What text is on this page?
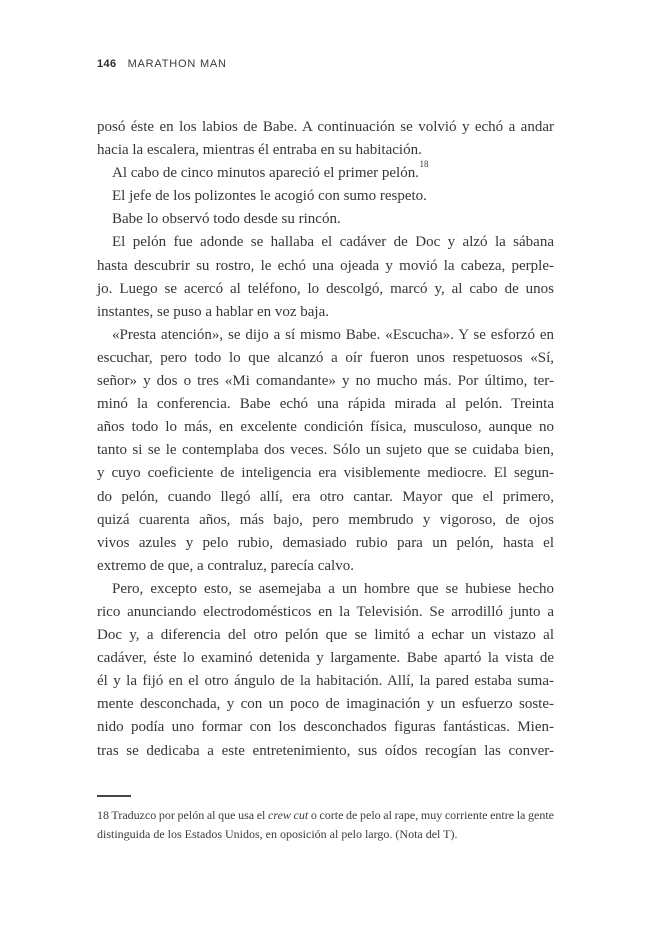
146 MARATHON MAN
posó éste en los labios de Babe. A continuación se volvió y echó a andar
hacia la escalera, mientras él entraba en su habitación.
Al cabo de cinco minutos apareció el primer pelón.$^{18}$
El jefe de los polizontes le acogió con sumo respeto.
Babe lo observó todo desde su rincón.
El pelón fue adonde se hallaba el cadáver de Doc y alzó la sábana
hasta descubrir su rostro, le echó una ojeada y movió la cabeza, perple-
jo. Luego se acercó al teléfono, lo descolgó, marcó y, al cabo de unos
instantes, se puso a hablar en voz baja.
«Presta atención», se dijo a sí mismo Babe. «Escucha». Y se esforzó en
escuchar, pero todo lo que alcanzó a oír fueron unos respetuosos «Sí,
señor» y dos o tres «Mi comandante» y no mucho más. Por último, ter-
minó la conferencia. Babe echó una rápida mirada al pelón. Treinta
años todo lo más, en excelente condición física, musculoso, aunque no
tanto si se le contemplaba dos veces. Sólo un sujeto que se cuidaba bien,
y cuyo coeficiente de inteligencia era visiblemente mediocre. El segun-
do pelón, cuando llegó allí, era otro cantar. Mayor que el primero,
quizá cuarenta años, más bajo, pero membrudo y vigoroso, de ojos
vivos azules y pelo rubio, demasiado rubio para un pelón, hasta el
extremo de que, a contraluz, parecía calvo.
Pero, excepto esto, se asemejaba a un hombre que se hubiese hecho
rico anunciando electrodomésticos en la Televisión. Se arrodilló junto a
Doc y, a diferencia del otro pelón que se limitó a echar un vistazo al
cadáver, éste lo examinó detenida y largamente. Babe apartó la vista de
él y la fijó en el otro ángulo de la habitación. Allí, la pared estaba suma-
mente desconchada, y con un poco de imaginación y un esfuerzo soste-
nido podía uno formar con los desconchados figuras fantásticas. Mien-
tras se dedicaba a este entretenimiento, sus oídos recogían las conver-
18 Traduzco por pelón al que usa el crew cut o corte de pelo al rape, muy corriente entre la gente
distinguida de los Estados Unidos, en oposición al pelo largo. (Nota del T).
